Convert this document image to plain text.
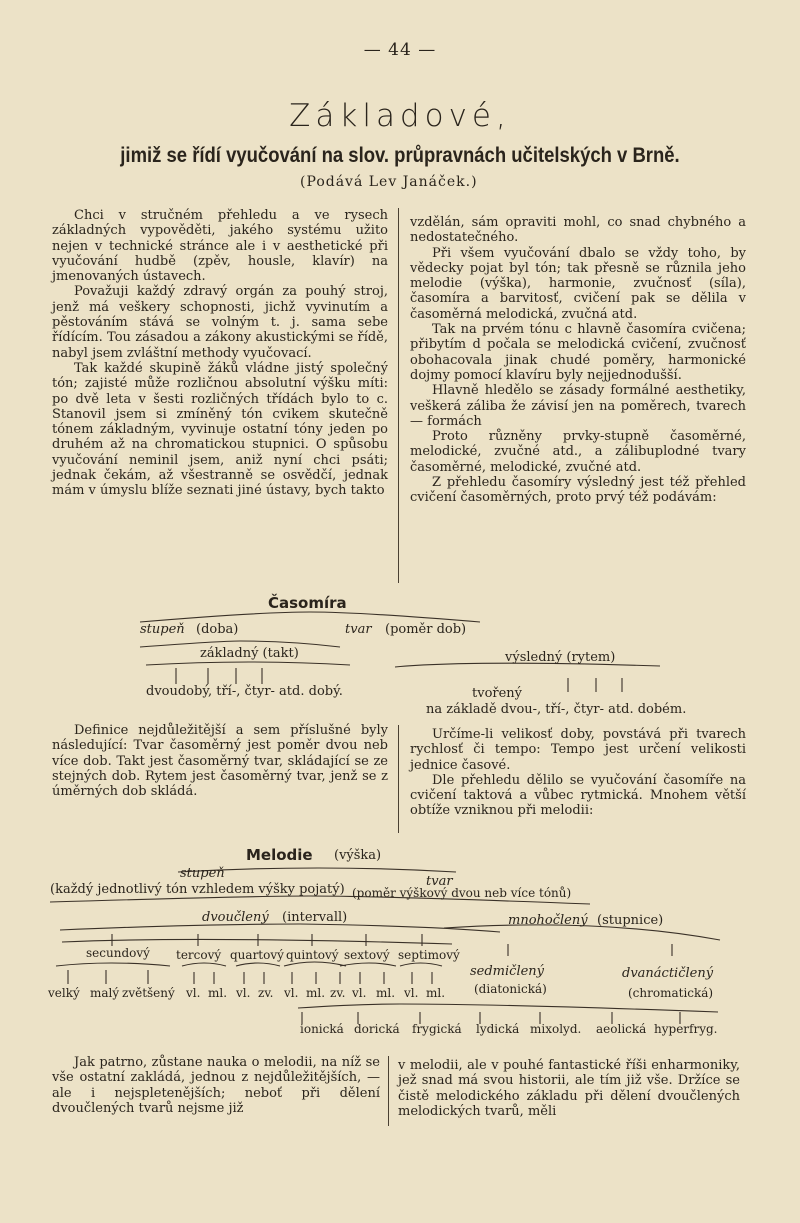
— 44 —
Základové,
jimiž se řídí vyučování na slov. průpravnách učitelských v Brně.
(Podává Lev Janáček.)

Chci v stručném přehledu a ve rysech základných vypověděti, jakého systému užito nejen v technické stránce ale i v aesthetické při vyučování hudbě (zpěv, housle, klavír) na jmenovaných ústavech.

Považuji každý zdravý orgán za pouhý stroj, jenž má veškery schopnosti, jichž vyvinutím a pěstováním stává se volným t. j. sama sebe řídícím. Tou zásadou a zákony akustickými se řídě, nabyl jsem zvláštní methody vyučovací.

Tak každé skupině žáků vládne jistý společný tón; zajisté může rozličnou absolutní výšku míti: po dvě leta v šesti rozličných třídách bylo to c. Stanovil jsem si zmíněný tón cvikem skutečně tónem základným, vyvinuje ostatní tóny jeden po druhém až na chromatickou stupnici. O spůsobu vyučování neminil jsem, aniž nyní chci psáti; jednak čekám, až všestranně se osvědčí, jednak mám v úmyslu blíže seznati jiné ústavy, bych takto

vzdělán, sám opraviti mohl, co snad chybného a nedostatečného.

Při všem vyučování dbalo se vždy toho, by vědecky pojat byl tón; tak přesně se různila jeho melodie (výška), harmonie, zvučnosť (síla), časomíra a barvitosť, cvičení pak se dělila v časoměrná melodická, zvučná atd.

Tak na prvém tónu c hlavně časomíra cvičena; přibytím d počala se melodická cvičení, zvučnosť obohacovala jinak chudé poměry, harmonické dojmy pomocí klavíru byly nejjednodušší.

Hlavně hledělo se zásady formálné aesthetiky, veškerá záliba že závisí jen na poměrech, tvarech — formách

Proto různěny prvky-stupně časoměrné, melodické, zvučné atd., a zálibuplodné tvary časoměrné, melodické, zvučné atd.

Z přehledu časomíry výsledný jest též přehled cvičení časoměrných, proto prvý též podávám:

Časomíra
stupeň (doba)	tvar (poměr dob)
základný (takt)	výsledný (rytem)
dvoudobý, tří-, čtyr- atd. dobý.	tvořený
na základě dvou-, tří-, čtyr- atd. dobém.

Definice nejdůležitější a sem příslušné byly následující: Tvar časoměrný jest poměr dvou neb více dob. Takt jest časoměrný tvar, skládající se ze stejných dob. Rytem jest časoměrný tvar, jenž se z úměrných dob skládá.

Určíme-li velikosť doby, povstává při tvarech rychlosť či tempo: Tempo jest určení velikosti jednice časové.

Dle přehledu dělilo se vyučování časomíře na cvičení taktová a vůbec rytmická. Mnohem větší obtíže vzniknou při melodii:

Melodie (výška)
stupeň
tvar
(každý jednotlivý tón vzhledem výšky pojatý) (poměr výškový dvou neb více tónů)
dvoučlený (intervall)	mnohočlený (stupnice)
secundový tercový quartový quintový sextový septimový
velký malý zvětšený vl. ml. vl. zv. vl. ml. zv. vl. ml. vl. ml.
sedmičlený
(diatonická)
dvanáctičlený
(chromatická)
ionická dorická frygická lydická mixolyd. aeolická hyperfryg.

Jak patrno, zůstane nauka o melodii, na níž se vše ostatní zakládá, jednou z nejdůležitějších, — ale i nejspletenějších; neboť při dělení dvoučlených tvarů nejsme již

v melodii, ale v pouhé fantastické říši enharmoniky, jež snad má svou historii, ale tím již vše. Držíce se čistě melodického základu při dělení dvoučlených melodických tvarů, měli
